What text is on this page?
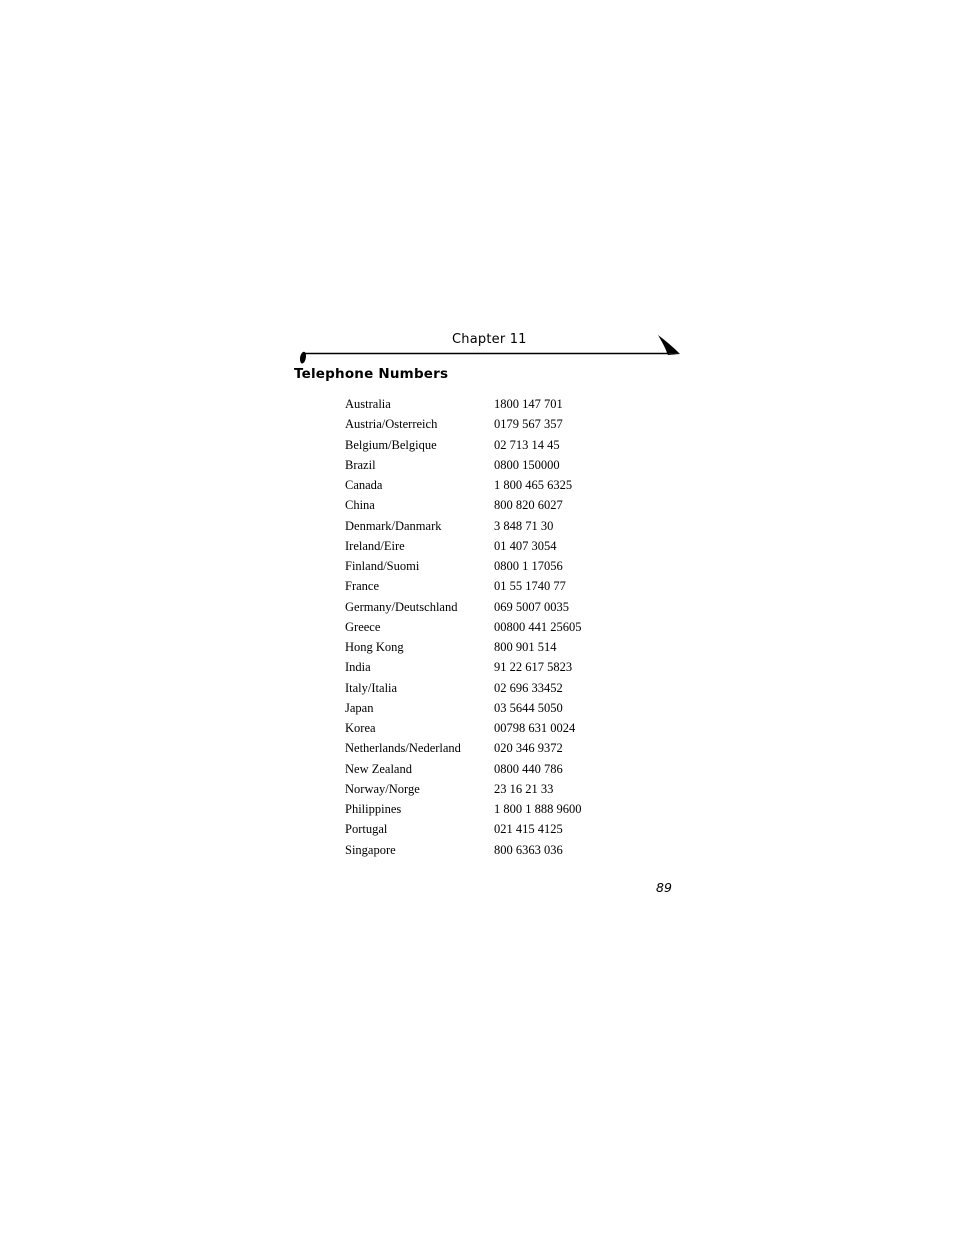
Chapter 11
Telephone Numbers
Australia	1800 147 701
Austria/Osterreich	0179 567 357
Belgium/Belgique	02 713 14 45
Brazil	0800 150000
Canada	1 800 465 6325
China	800 820 6027
Denmark/Danmark	3 848 71 30
Ireland/Eire	01 407 3054
Finland/Suomi	0800 1 17056
France	01 55 1740 77
Germany/Deutschland	069 5007 0035
Greece	00800 441 25605
Hong Kong	800 901 514
India	91 22 617 5823
Italy/Italia	02 696 33452
Japan	03 5644 5050
Korea	00798 631 0024
Netherlands/Nederland	020 346 9372
New Zealand	0800 440 786
Norway/Norge	23 16 21 33
Philippines	1 800 1 888 9600
Portugal	021 415 4125
Singapore	800 6363 036
89
